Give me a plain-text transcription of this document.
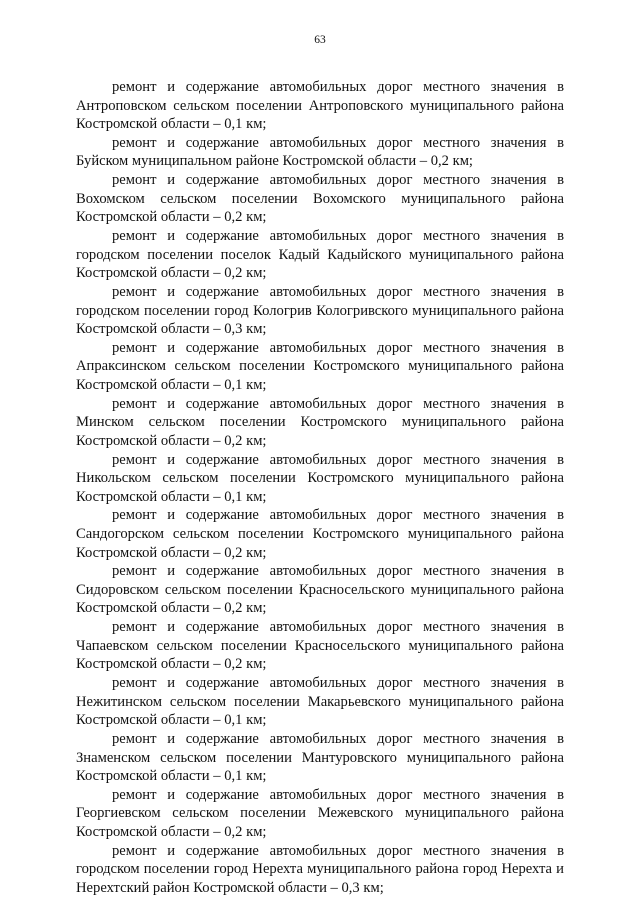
63

ремонт и содержание автомобильных дорог местного значения в Антроповском сельском поселении Антроповского муниципального района Костромской области – 0,1 км;

ремонт и содержание автомобильных дорог местного значения в Буйском муниципальном районе Костромской области – 0,2 км;

ремонт и содержание автомобильных дорог местного значения в Вохомском сельском поселении Вохомского муниципального района Костромской области – 0,2 км;

ремонт и содержание автомобильных дорог местного значения в городском поселении поселок Кадый Кадыйского муниципального района Костромской области – 0,2 км;

ремонт и содержание автомобильных дорог местного значения в городском поселении город Кологрив Кологривского муниципального района Костромской области – 0,3 км;

ремонт и содержание автомобильных дорог местного значения в Апраксинском сельском поселении Костромского муниципального района Костромской области – 0,1 км;

ремонт и содержание автомобильных дорог местного значения в Минском сельском поселении Костромского муниципального района Костромской области – 0,2 км;

ремонт и содержание автомобильных дорог местного значения в Никольском сельском поселении Костромского муниципального района Костромской области – 0,1 км;

ремонт и содержание автомобильных дорог местного значения в Сандогорском сельском поселении Костромского муниципального района Костромской области – 0,2 км;

ремонт и содержание автомобильных дорог местного значения в Сидоровском сельском поселении Красносельского муниципального района Костромской области – 0,2 км;

ремонт и содержание автомобильных дорог местного значения в Чапаевском сельском поселении Красносельского муниципального района Костромской области – 0,2 км;

ремонт и содержание автомобильных дорог местного значения в Нежитинском сельском поселении Макарьевского муниципального района Костромской области – 0,1 км;

ремонт и содержание автомобильных дорог местного значения в Знаменском сельском поселении Мантуровского муниципального района Костромской области – 0,1 км;

ремонт и содержание автомобильных дорог местного значения в Георгиевском сельском поселении Межевского муниципального района Костромской области – 0,2 км;

ремонт и содержание автомобильных дорог местного значения в городском поселении город Нерехта муниципального района город Нерехта и Нерехтский район Костромской области – 0,3 км;
